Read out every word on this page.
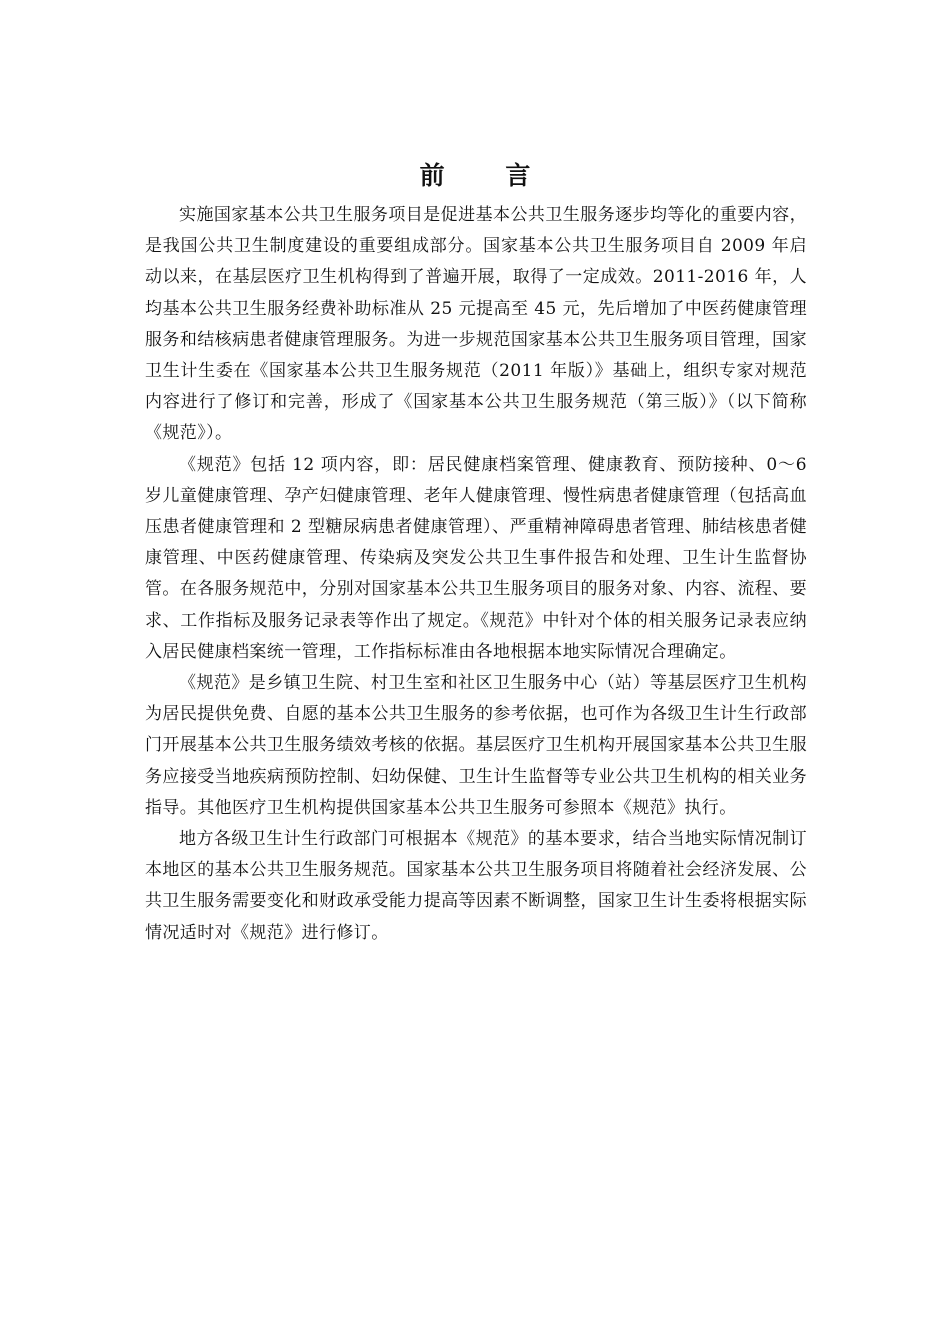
前 言

实施国家基本公共卫生服务项目是促进基本公共卫生服务逐步均等化的重要内容，是我国公共卫生制度建设的重要组成部分。国家基本公共卫生服务项目自 2009 年启动以来，在基层医疗卫生机构得到了普遍开展，取得了一定成效。2011-2016 年，人均基本公共卫生服务经费补助标准从 25 元提高至 45 元，先后增加了中医药健康管理服务和结核病患者健康管理服务。为进一步规范国家基本公共卫生服务项目管理，国家卫生计生委在《国家基本公共卫生服务规范（2011 年版）》基础上，组织专家对规范内容进行了修订和完善，形成了《国家基本公共卫生服务规范（第三版）》（以下简称《规范》）。

《规范》包括 12 项内容，即：居民健康档案管理、健康教育、预防接种、0～6 岁儿童健康管理、孕产妇健康管理、老年人健康管理、慢性病患者健康管理（包括高血压患者健康管理和 2 型糖尿病患者健康管理）、严重精神障碍患者管理、肺结核患者健康管理、中医药健康管理、传染病及突发公共卫生事件报告和处理、卫生计生监督协管。在各服务规范中，分别对国家基本公共卫生服务项目的服务对象、内容、流程、要求、工作指标及服务记录表等作出了规定。《规范》中针对个体的相关服务记录表应纳入居民健康档案统一管理，工作指标标准由各地根据本地实际情况合理确定。

《规范》是乡镇卫生院、村卫生室和社区卫生服务中心（站）等基层医疗卫生机构为居民提供免费、自愿的基本公共卫生服务的参考依据，也可作为各级卫生计生行政部门开展基本公共卫生服务绩效考核的依据。基层医疗卫生机构开展国家基本公共卫生服务应接受当地疾病预防控制、妇幼保健、卫生计生监督等专业公共卫生机构的相关业务指导。其他医疗卫生机构提供国家基本公共卫生服务可参照本《规范》执行。

地方各级卫生计生行政部门可根据本《规范》的基本要求，结合当地实际情况制订本地区的基本公共卫生服务规范。国家基本公共卫生服务项目将随着社会经济发展、公共卫生服务需要变化和财政承受能力提高等因素不断调整，国家卫生计生委将根据实际情况适时对《规范》进行修订。
